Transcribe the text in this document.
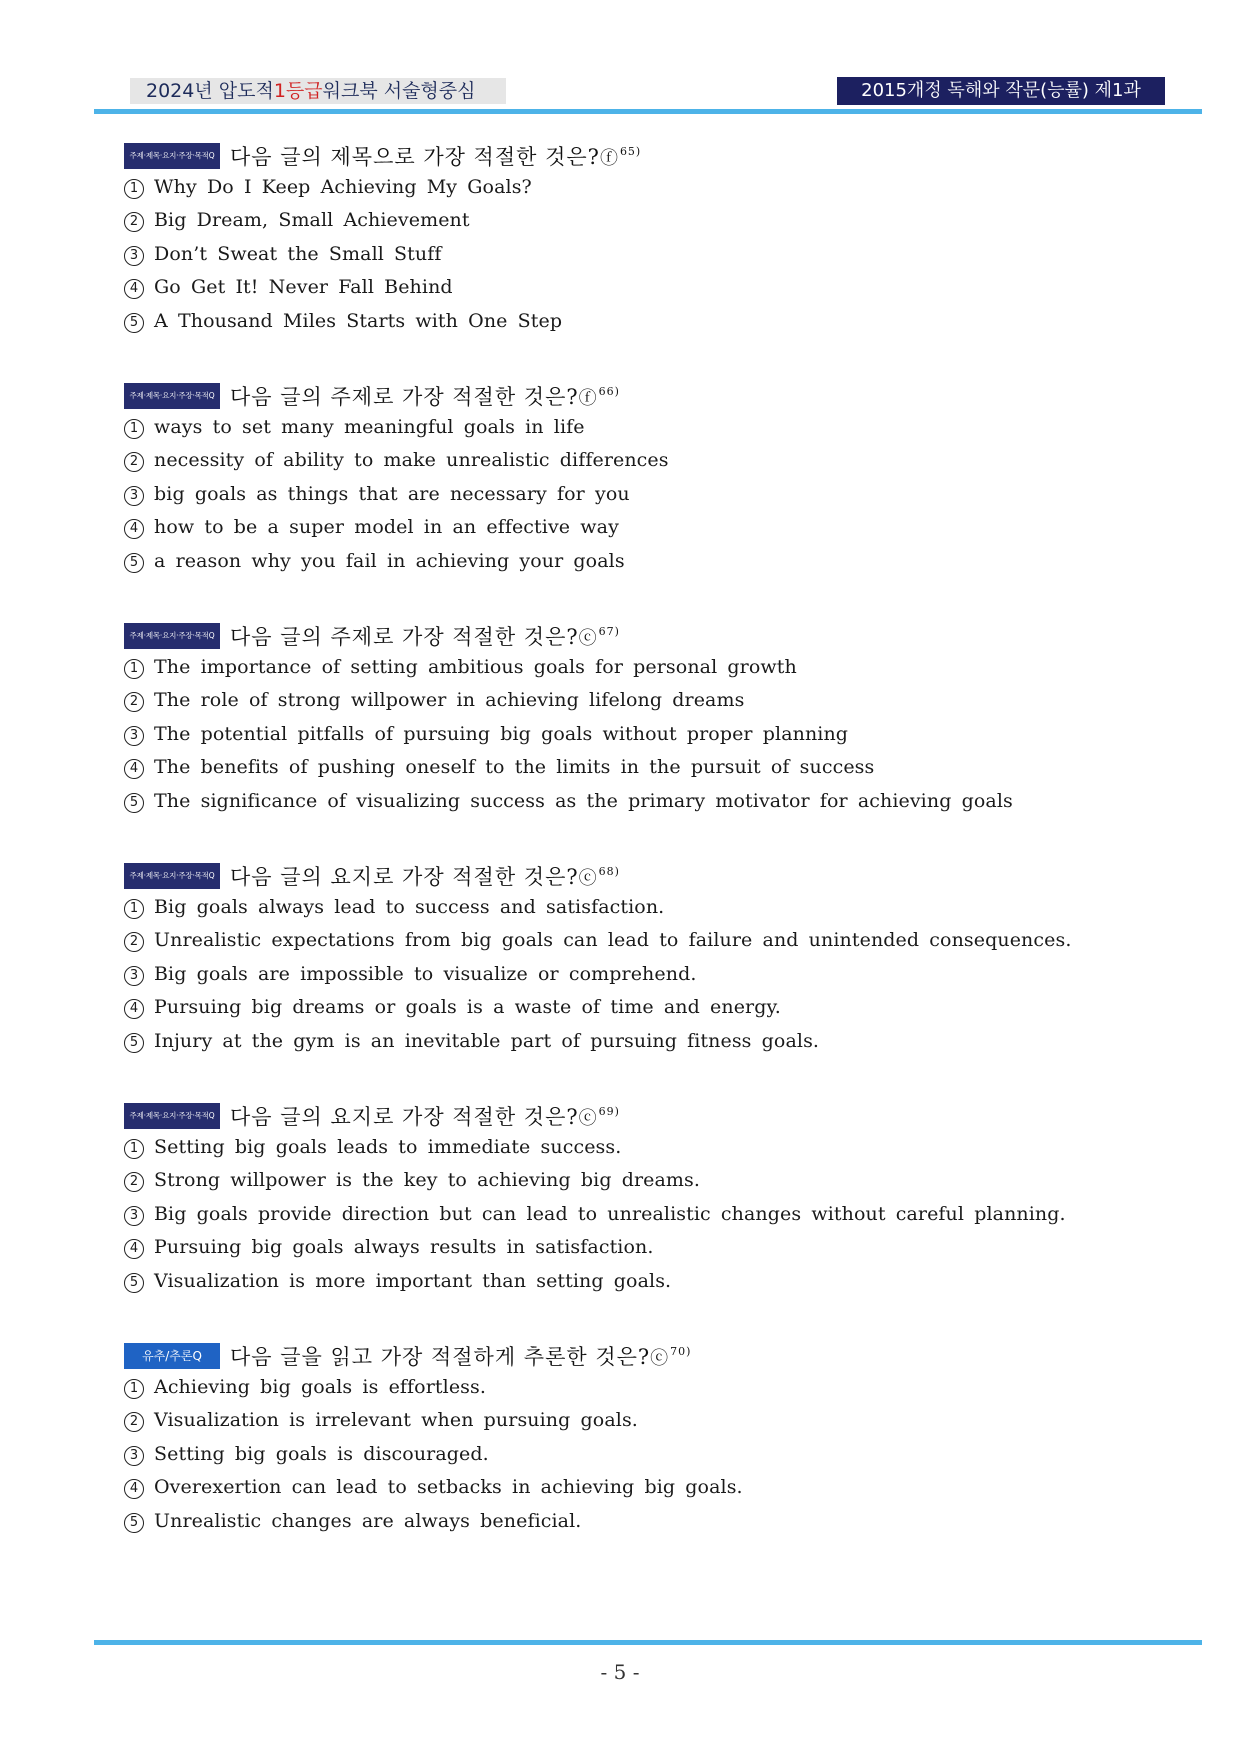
2024년 압도적1등급워크북 서술형중심	2015개정 독해와 작문(능률) 제1과
주제·제목·요지·주장·목적Q 다음 글의 제목으로 가장 적절한 것은?ⓕ$^{65)}$
1 Why Do I Keep Achieving My Goals?
2 Big Dream, Small Achievement
3 Don’t Sweat the Small Stuff
4 Go Get It! Never Fall Behind
5 A Thousand Miles Starts with One Step
주제·제목·요지·주장·목적Q 다음 글의 주제로 가장 적절한 것은?ⓕ$^{66)}$
1 ways to set many meaningful goals in life
2 necessity of ability to make unrealistic differences
3 big goals as things that are necessary for you
4 how to be a super model in an effective way
5 a reason why you fail in achieving your goals
주제·제목·요지·주장·목적Q 다음 글의 주제로 가장 적절한 것은?ⓒ$^{67)}$
1 The importance of setting ambitious goals for personal growth
2 The role of strong willpower in achieving lifelong dreams
3 The potential pitfalls of pursuing big goals without proper planning
4 The benefits of pushing oneself to the limits in the pursuit of success
5 The significance of visualizing success as the primary motivator for achieving goals
주제·제목·요지·주장·목적Q 다음 글의 요지로 가장 적절한 것은?ⓒ$^{68)}$
1 Big goals always lead to success and satisfaction.
2 Unrealistic expectations from big goals can lead to failure and unintended consequences.
3 Big goals are impossible to visualize or comprehend.
4 Pursuing big dreams or goals is a waste of time and energy.
5 Injury at the gym is an inevitable part of pursuing fitness goals.
주제·제목·요지·주장·목적Q 다음 글의 요지로 가장 적절한 것은?ⓒ$^{69)}$
1 Setting big goals leads to immediate success.
2 Strong willpower is the key to achieving big dreams.
3 Big goals provide direction but can lead to unrealistic changes without careful planning.
4 Pursuing big goals always results in satisfaction.
5 Visualization is more important than setting goals.
유추/추론Q	다음 글을 읽고 가장 적절하게 추론한 것은?ⓒ$^{70)}$
1 Achieving big goals is effortless.
2 Visualization is irrelevant when pursuing goals.
3 Setting big goals is discouraged.
4 Overexertion can lead to setbacks in achieving big goals.
5 Unrealistic changes are always beneficial.
- 5 -
